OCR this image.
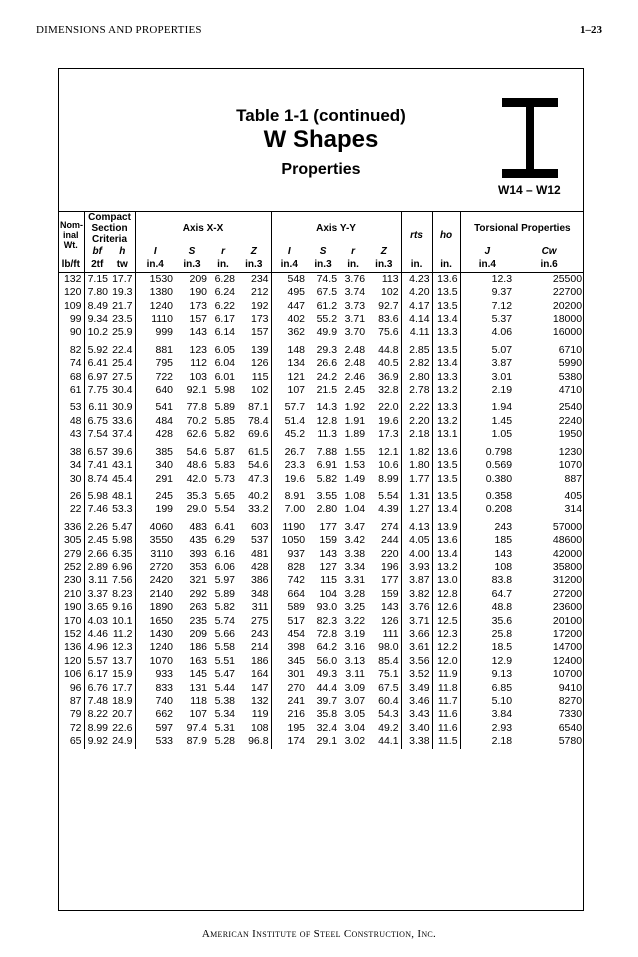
DIMENSIONS AND PROPERTIES	1–23
Table 1-1 (continued)
W Shapes
Properties
W14 – W12
Nom-inal Wt.	Compact Section Criteria		Axis X-X				Axis Y-Y				rts	ho	Torsional Properties	
	bf	h	I	S	r	Z	I	S	r	Z			J	Cw
lb/ft	2tf	tw	in.4	in.3	in.	in.3	in.4	in.3	in.	in.3	in.	in.	in.4	in.6
132	7.15	17.7	1530	209	6.28	234	548	74.5	3.76	113	4.23	13.6	12.3	25500
120	7.80	19.3	1380	190	6.24	212	495	67.5	3.74	102	4.20	13.5	9.37	22700
109	8.49	21.7	1240	173	6.22	192	447	61.2	3.73	92.7	4.17	13.5	7.12	20200
99	9.34	23.5	1110	157	6.17	173	402	55.2	3.71	83.6	4.14	13.4	5.37	18000
90	10.2	25.9	999	143	6.14	157	362	49.9	3.70	75.6	4.11	13.3	4.06	16000
82	5.92	22.4	881	123	6.05	139	148	29.3	2.48	44.8	2.85	13.5	5.07	6710
74	6.41	25.4	795	112	6.04	126	134	26.6	2.48	40.5	2.82	13.4	3.87	5990
68	6.97	27.5	722	103	6.01	115	121	24.2	2.46	36.9	2.80	13.3	3.01	5380
61	7.75	30.4	640	92.1	5.98	102	107	21.5	2.45	32.8	2.78	13.2	2.19	4710
53	6.11	30.9	541	77.8	5.89	87.1	57.7	14.3	1.92	22.0	2.22	13.3	1.94	2540
48	6.75	33.6	484	70.2	5.85	78.4	51.4	12.8	1.91	19.6	2.20	13.2	1.45	2240
43	7.54	37.4	428	62.6	5.82	69.6	45.2	11.3	1.89	17.3	2.18	13.1	1.05	1950
38	6.57	39.6	385	54.6	5.87	61.5	26.7	7.88	1.55	12.1	1.82	13.6	0.798	1230
34	7.41	43.1	340	48.6	5.83	54.6	23.3	6.91	1.53	10.6	1.80	13.5	0.569	1070
30	8.74	45.4	291	42.0	5.73	47.3	19.6	5.82	1.49	8.99	1.77	13.5	0.380	887
26	5.98	48.1	245	35.3	5.65	40.2	8.91	3.55	1.08	5.54	1.31	13.5	0.358	405
22	7.46	53.3	199	29.0	5.54	33.2	7.00	2.80	1.04	4.39	1.27	13.4	0.208	314
336	2.26	5.47	4060	483	6.41	603	1190	177	3.47	274	4.13	13.9	243	57000
305	2.45	5.98	3550	435	6.29	537	1050	159	3.42	244	4.05	13.6	185	48600
279	2.66	6.35	3110	393	6.16	481	937	143	3.38	220	4.00	13.4	143	42000
252	2.89	6.96	2720	353	6.06	428	828	127	3.34	196	3.93	13.2	108	35800
230	3.11	7.56	2420	321	5.97	386	742	115	3.31	177	3.87	13.0	83.8	31200
210	3.37	8.23	2140	292	5.89	348	664	104	3.28	159	3.82	12.8	64.7	27200
190	3.65	9.16	1890	263	5.82	311	589	93.0	3.25	143	3.76	12.6	48.8	23600
170	4.03	10.1	1650	235	5.74	275	517	82.3	3.22	126	3.71	12.5	35.6	20100
152	4.46	11.2	1430	209	5.66	243	454	72.8	3.19	111	3.66	12.3	25.8	17200
136	4.96	12.3	1240	186	5.58	214	398	64.2	3.16	98.0	3.61	12.2	18.5	14700
120	5.57	13.7	1070	163	5.51	186	345	56.0	3.13	85.4	3.56	12.0	12.9	12400
106	6.17	15.9	933	145	5.47	164	301	49.3	3.11	75.1	3.52	11.9	9.13	10700
96	6.76	17.7	833	131	5.44	147	270	44.4	3.09	67.5	3.49	11.8	6.85	9410
87	7.48	18.9	740	118	5.38	132	241	39.7	3.07	60.4	3.46	11.7	5.10	8270
79	8.22	20.7	662	107	5.34	119	216	35.8	3.05	54.3	3.43	11.6	3.84	7330
72	8.99	22.6	597	97.4	5.31	108	195	32.4	3.04	49.2	3.40	11.6	2.93	6540
65	9.92	24.9	533	87.9	5.28	96.8	174	29.1	3.02	44.1	3.38	11.5	2.18	5780
American Institute of Steel Construction, Inc.
